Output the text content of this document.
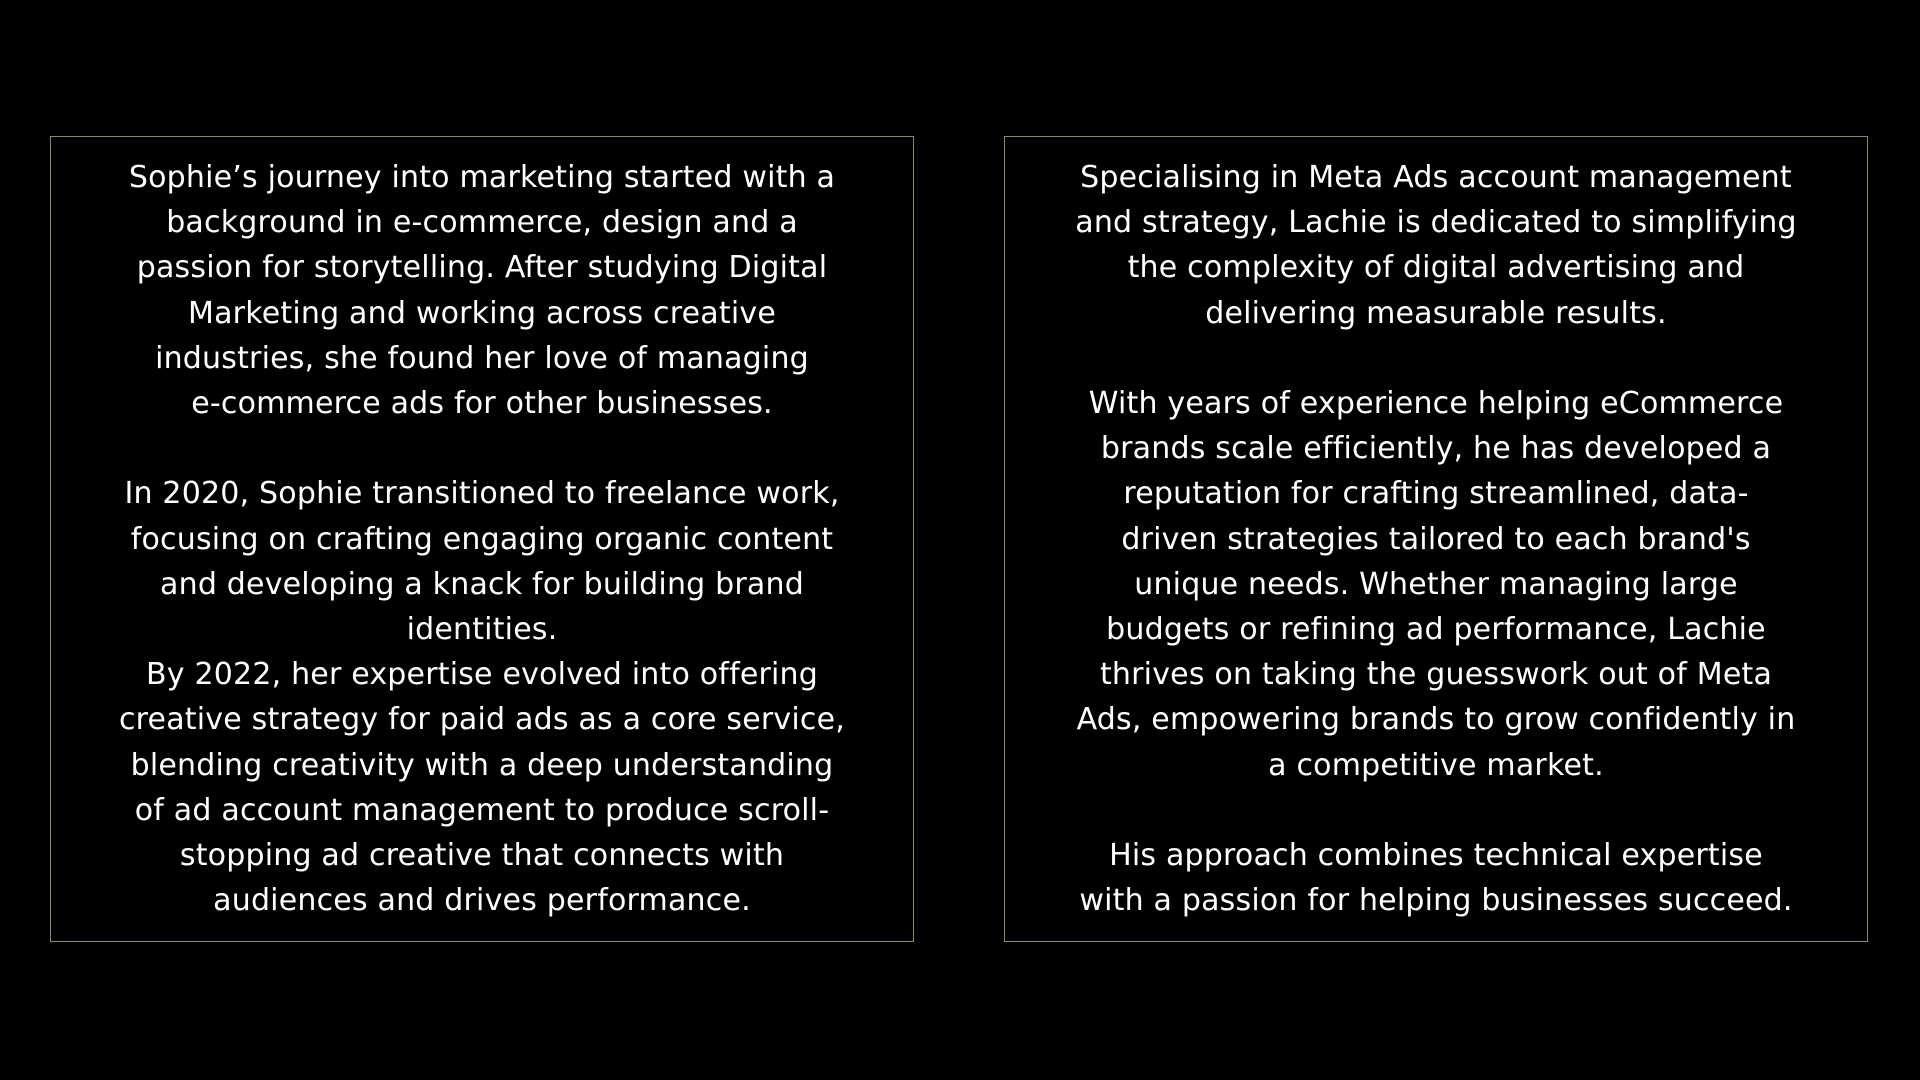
Sophie’s journey into marketing started with a
background in e-commerce, design and a
passion for storytelling. After studying Digital
Marketing and working across creative
industries, she found her love of managing
e-commerce ads for other businesses.
In 2020, Sophie transitioned to freelance work,
focusing on crafting engaging organic content
and developing a knack for building brand
identities.
By 2022, her expertise evolved into offering
creative strategy for paid ads as a core service,
blending creativity with a deep understanding
of ad account management to produce scroll-
stopping ad creative that connects with
audiences and drives performance.
Specialising in Meta Ads account management
and strategy, Lachie is dedicated to simplifying
the complexity of digital advertising and
delivering measurable results.
With years of experience helping eCommerce
brands scale efficiently, he has developed a
reputation for crafting streamlined, data-
driven strategies tailored to each brand's
unique needs. Whether managing large
budgets or refining ad performance, Lachie
thrives on taking the guesswork out of Meta
Ads, empowering brands to grow confidently in
a competitive market.
His approach combines technical expertise
with a passion for helping businesses succeed.
